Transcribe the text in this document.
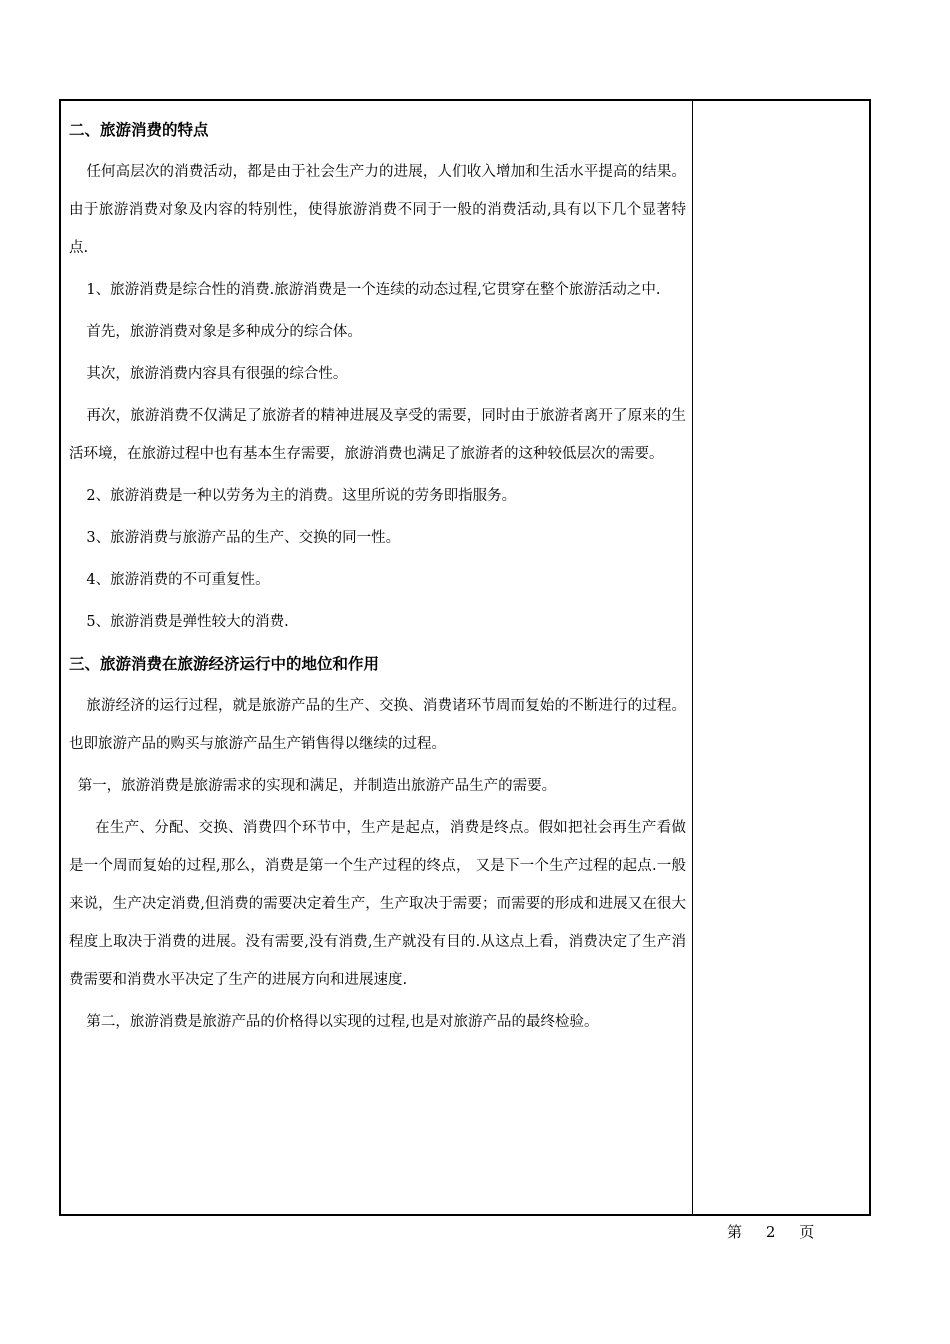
二、旅游消费的特点

任何高层次的消费活动，都是由于社会生产力的进展，人们收入增加和生活水平提高的结果。由于旅游消费对象及内容的特别性，使得旅游消费不同于一般的消费活动,具有以下几个显著特点.

1、旅游消费是综合性的消费.旅游消费是一个连续的动态过程,它贯穿在整个旅游活动之中.

首先，旅游消费对象是多种成分的综合体。

其次，旅游消费内容具有很强的综合性。

再次，旅游消费不仅满足了旅游者的精神进展及享受的需要，同时由于旅游者离开了原来的生活环境，在旅游过程中也有基本生存需要，旅游消费也满足了旅游者的这种较低层次的需要。

2、旅游消费是一种以劳务为主的消费。这里所说的劳务即指服务。

3、旅游消费与旅游产品的生产、交换的同一性。

4、旅游消费的不可重复性。

5、旅游消费是弹性较大的消费.

三、旅游消费在旅游经济运行中的地位和作用

旅游经济的运行过程，就是旅游产品的生产、交换、消费诸环节周而复始的不断进行的过程。也即旅游产品的购买与旅游产品生产销售得以继续的过程。

第一，旅游消费是旅游需求的实现和满足，并制造出旅游产品生产的需要。

在生产、分配、交换、消费四个环节中，生产是起点，消费是终点。假如把社会再生产看做是一个周而复始的过程,那么，消费是第一个生产过程的终点， 又是下一个生产过程的起点.一般来说，生产决定消费,但消费的需要决定着生产，生产取决于需要；而需要的形成和进展又在很大程度上取决于消费的进展。没有需要,没有消费,生产就没有目的.从这点上看，消费决定了生产消费需要和消费水平决定了生产的进展方向和进展速度.

第二，旅游消费是旅游产品的价格得以实现的过程,也是对旅游产品的最终检验。

第 2 页
